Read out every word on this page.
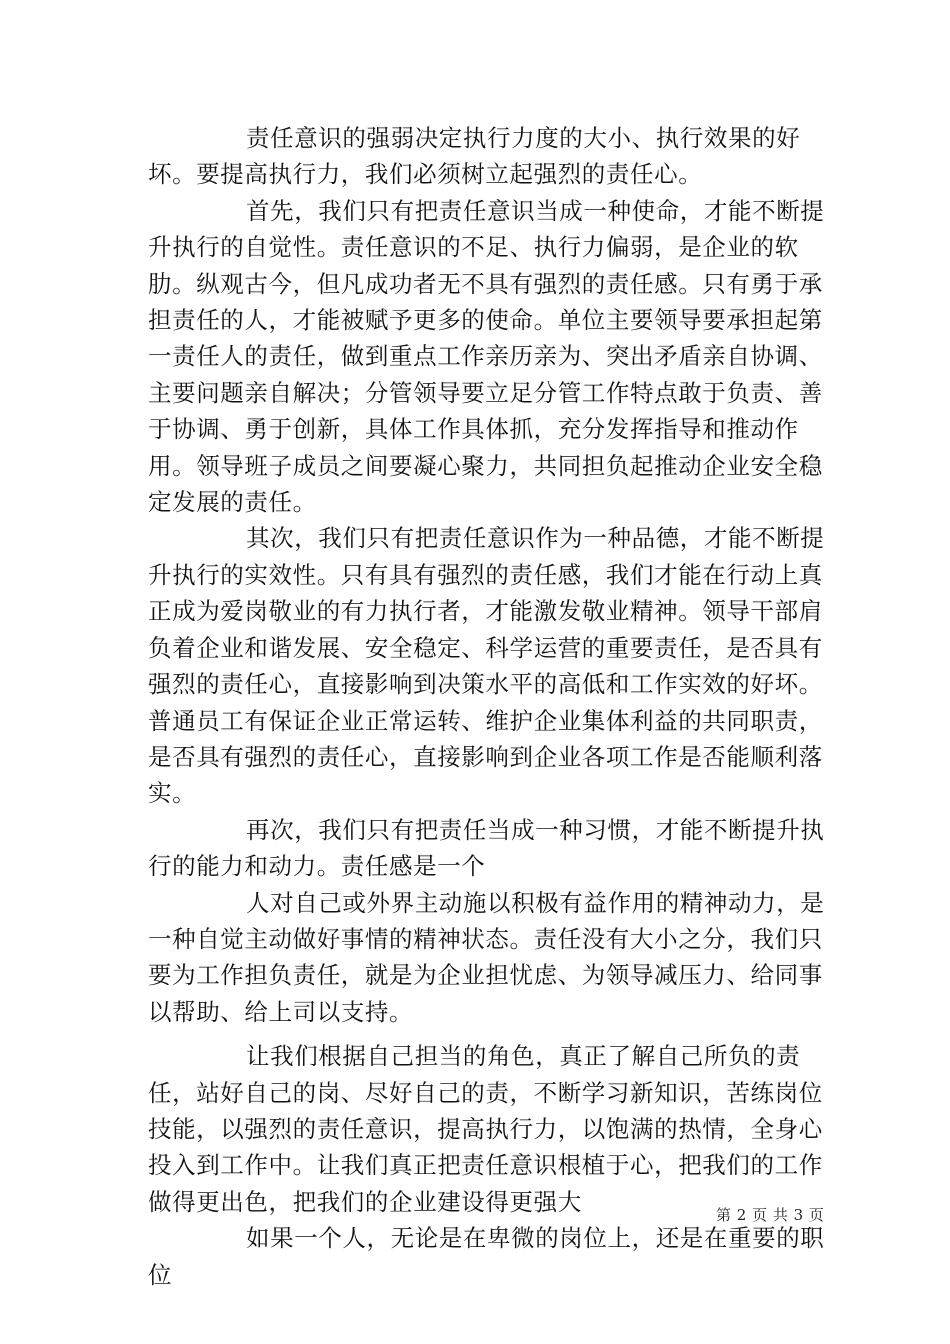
责任意识的强弱决定执行力度的大小、执行效果的好坏。要提高执行力，我们必须树立起强烈的责任心。

首先，我们只有把责任意识当成一种使命，才能不断提升执行的自觉性。责任意识的不足、执行力偏弱，是企业的软肋。纵观古今，但凡成功者无不具有强烈的责任感。只有勇于承担责任的人，才能被赋予更多的使命。单位主要领导要承担起第一责任人的责任，做到重点工作亲历亲为、突出矛盾亲自协调、主要问题亲自解决；分管领导要立足分管工作特点敢于负责、善于协调、勇于创新，具体工作具体抓，充分发挥指导和推动作用。领导班子成员之间要凝心聚力，共同担负起推动企业安全稳定发展的责任。

其次，我们只有把责任意识作为一种品德，才能不断提升执行的实效性。只有具有强烈的责任感，我们才能在行动上真正成为爱岗敬业的有力执行者，才能激发敬业精神。领导干部肩负着企业和谐发展、安全稳定、科学运营的重要责任，是否具有强烈的责任心，直接影响到决策水平的高低和工作实效的好坏。普通员工有保证企业正常运转、维护企业集体利益的共同职责，是否具有强烈的责任心，直接影响到企业各项工作是否能顺利落实。

再次，我们只有把责任当成一种习惯，才能不断提升执行的能力和动力。责任感是一个

人对自己或外界主动施以积极有益作用的精神动力，是一种自觉主动做好事情的精神状态。责任没有大小之分，我们只要为工作担负责任，就是为企业担忧虑、为领导减压力、给同事以帮助、给上司以支持。

让我们根据自己担当的角色，真正了解自己所负的责任，站好自己的岗、尽好自己的责，不断学习新知识，苦练岗位技能，以强烈的责任意识，提高执行力，以饱满的热情，全身心投入到工作中。让我们真正把责任意识根植于心，把我们的工作做得更出色，把我们的企业建设得更强大

如果一个人，无论是在卑微的岗位上，还是在重要的职位

第 2 页 共 3 页
